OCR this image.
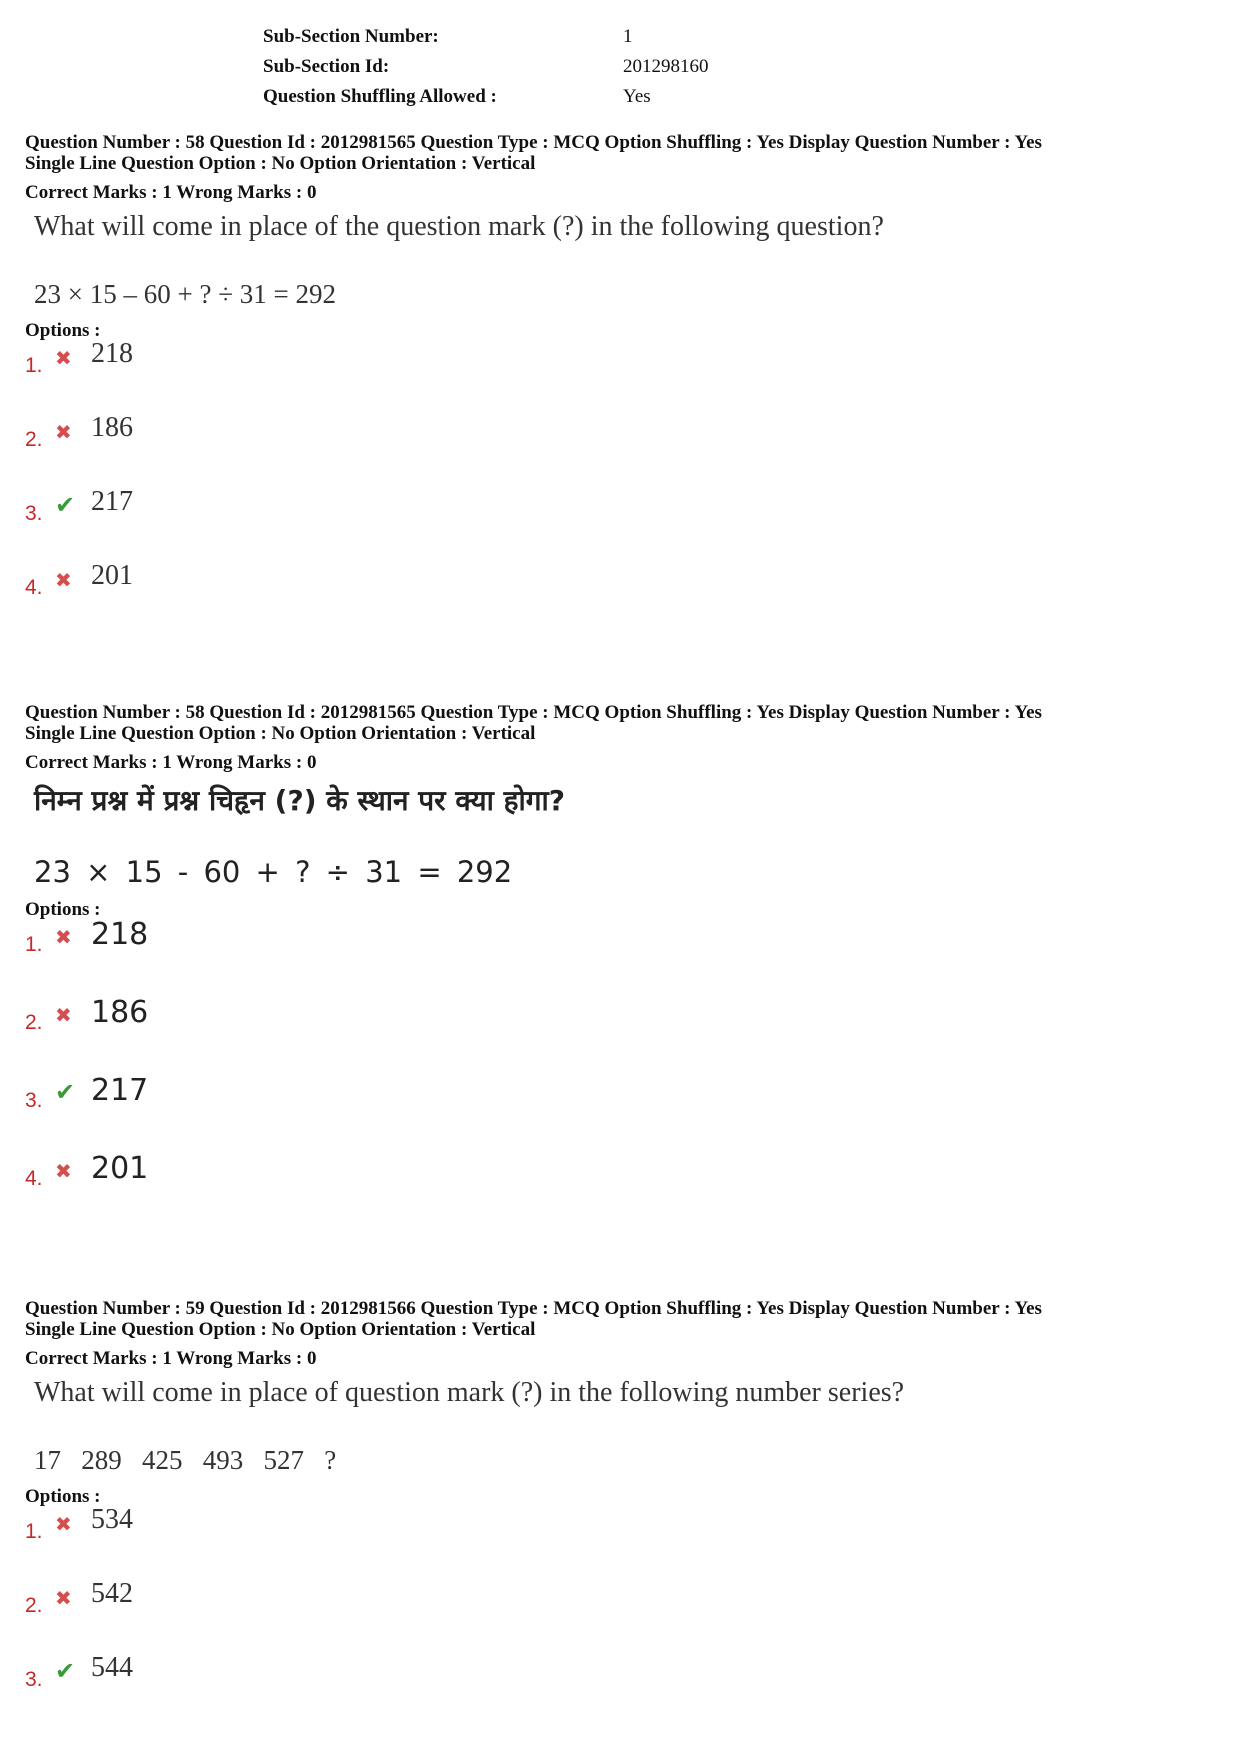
Sub-Section Number:	1
Sub-Section Id:	201298160
Question Shuffling Allowed :	Yes
Question Number : 58 Question Id : 2012981565 Question Type : MCQ Option Shuffling : Yes Display Question Number : Yes
Single Line Question Option : No Option Orientation : Vertical
Correct Marks : 1 Wrong Marks : 0
What will come in place of the question mark (?) in the following question?
23 × 15 – 60 + ? ÷ 31 = 292
Options :
1. ✖ 218
2. ✖ 186
3. ✔ 217
4. ✖ 201
Question Number : 58 Question Id : 2012981565 Question Type : MCQ Option Shuffling : Yes Display Question Number : Yes
Single Line Question Option : No Option Orientation : Vertical
Correct Marks : 1 Wrong Marks : 0
निम्न प्रश्न में प्रश्न चिहृन (?) के स्थान पर क्या होगा?
23 × 15 - 60 + ? ÷ 31 = 292
Options :
1. ✖ 218
2. ✖ 186
3. ✔ 217
4. ✖ 201
Question Number : 59 Question Id : 2012981566 Question Type : MCQ Option Shuffling : Yes Display Question Number : Yes
Single Line Question Option : No Option Orientation : Vertical
Correct Marks : 1 Wrong Marks : 0
What will come in place of question mark (?) in the following number series?
17   289   425   493   527   ?
Options :
1. ✖ 534
2. ✖ 542
3. ✔ 544
